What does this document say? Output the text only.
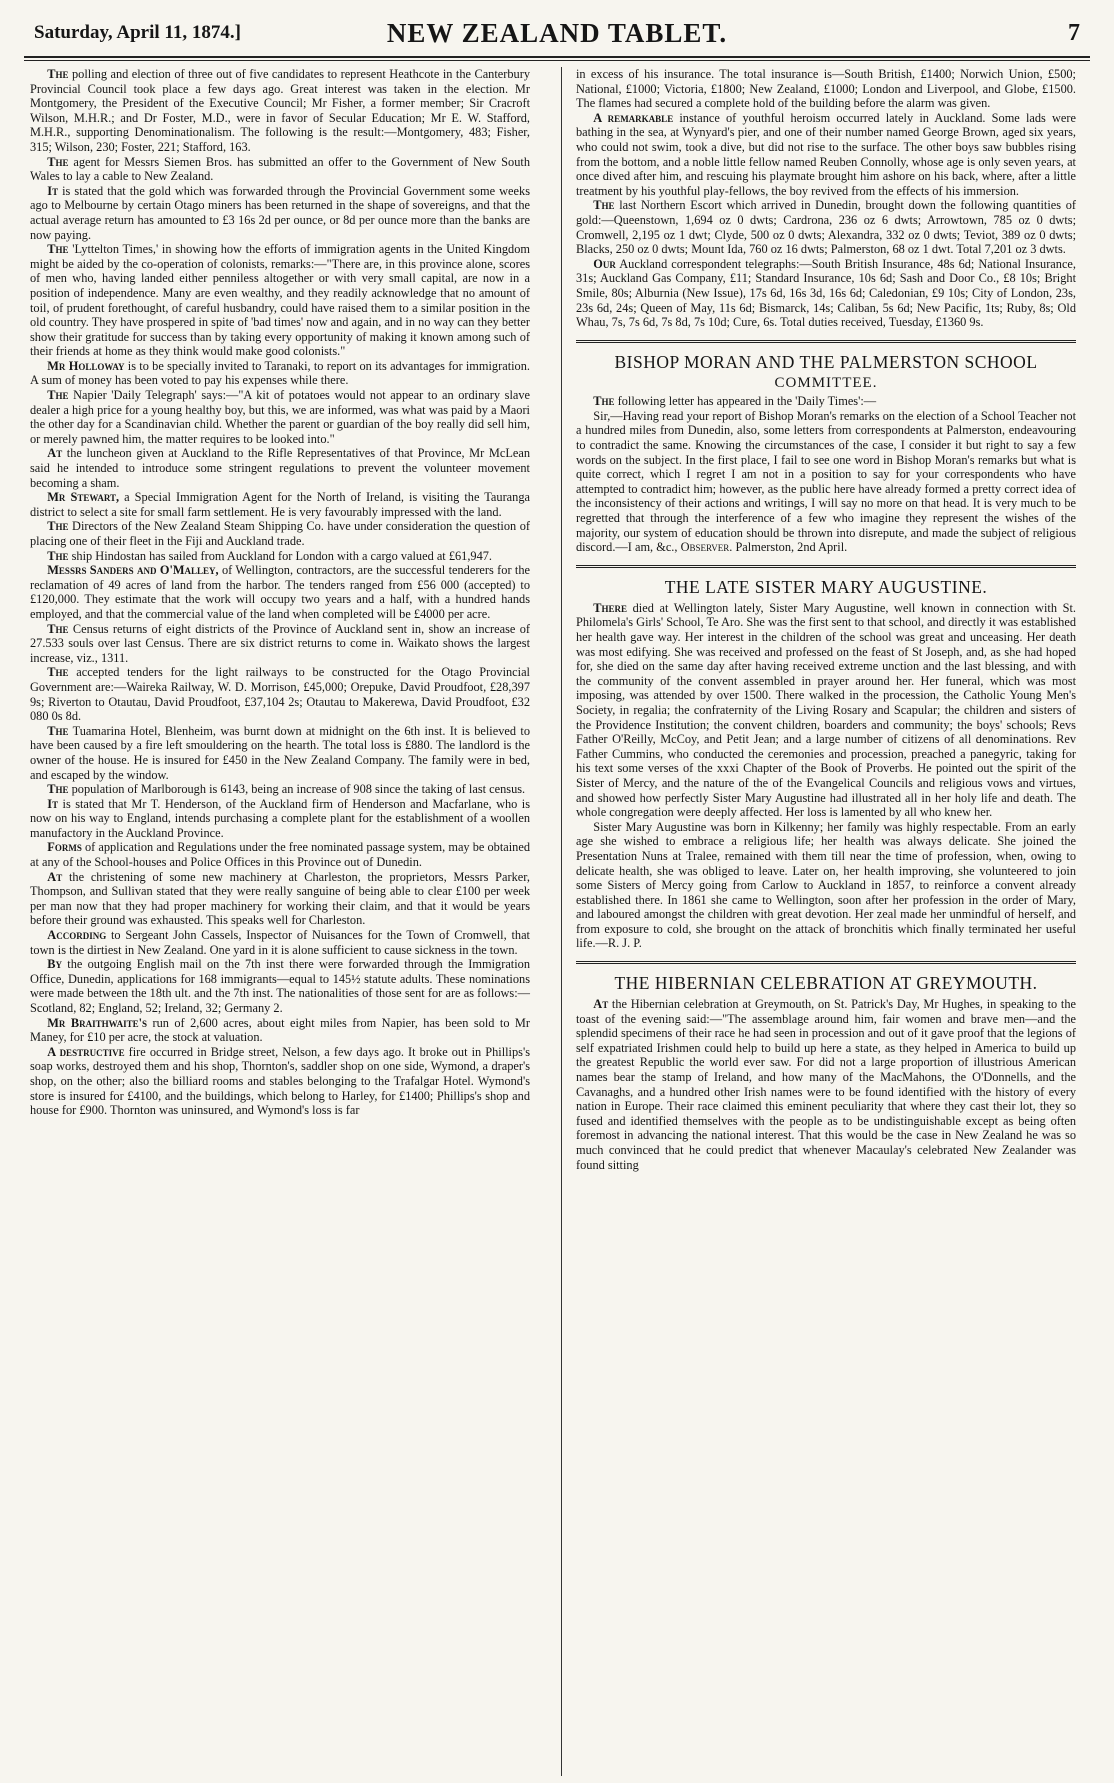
Saturday, April 11, 1874.]	NEW ZEALAND TABLET.	7

The polling and election of three out of five candidates to represent Heathcote in the Canterbury Provincial Council took place a few days ago. Great interest was taken in the election. Mr Montgomery, the President of the Executive Council; Mr Fisher, a former member; Sir Cracroft Wilson, M.H.R.; and Dr Foster, M.D., were in favor of Secular Education; Mr E. W. Stafford, M.H.R., supporting Denominationalism. The following is the result:—Montgomery, 483; Fisher, 315; Wilson, 230; Foster, 221; Stafford, 163.

The agent for Messrs Siemen Bros. has submitted an offer to the Government of New South Wales to lay a cable to New Zealand.

It is stated that the gold which was forwarded through the Provincial Government some weeks ago to Melbourne by certain Otago miners has been returned in the shape of sovereigns, and that the actual average return has amounted to £3 16s 2d per ounce, or 8d per ounce more than the banks are now paying.

The 'Lyttelton Times,' in showing how the efforts of immigration agents in the United Kingdom might be aided by the co-operation of colonists, remarks:—"There are, in this province alone, scores of men who, having landed either penniless altogether or with very small capital, are now in a position of independence. Many are even wealthy, and they readily acknowledge that no amount of toil, of prudent forethought, of careful husbandry, could have raised them to a similar position in the old country. They have prospered in spite of 'bad times' now and again, and in no way can they better show their gratitude for success than by taking every opportunity of making it known among such of their friends at home as they think would make good colonists."

Mr Holloway is to be specially invited to Taranaki, to report on its advantages for immigration. A sum of money has been voted to pay his expenses while there.

The Napier 'Daily Telegraph' says:—"A kit of potatoes would not appear to an ordinary slave dealer a high price for a young healthy boy, but this, we are informed, was what was paid by a Maori the other day for a Scandinavian child. Whether the parent or guardian of the boy really did sell him, or merely pawned him, the matter requires to be looked into."

At the luncheon given at Auckland to the Rifle Representatives of that Province, Mr McLean said he intended to introduce some stringent regulations to prevent the volunteer movement becoming a sham.

Mr Stewart, a Special Immigration Agent for the North of Ireland, is visiting the Tauranga district to select a site for small farm settlement. He is very favourably impressed with the land.

The Directors of the New Zealand Steam Shipping Co. have under consideration the question of placing one of their fleet in the Fiji and Auckland trade.

The ship Hindostan has sailed from Auckland for London with a cargo valued at £61,947.

Messrs Sanders and O'Malley, of Wellington, contractors, are the successful tenderers for the reclamation of 49 acres of land from the harbor. The tenders ranged from £56 000 (accepted) to £120,000. They estimate that the work will occupy two years and a half, with a hundred hands employed, and that the commercial value of the land when completed will be £4000 per acre.

The Census returns of eight districts of the Province of Auckland sent in, show an increase of 27.533 souls over last Census. There are six district returns to come in. Waikato shows the largest increase, viz., 1311.

The accepted tenders for the light railways to be constructed for the Otago Provincial Government are:—Waireka Railway, W. D. Morrison, £45,000; Orepuke, David Proudfoot, £28,397 9s; Riverton to Otautau, David Proudfoot, £37,104 2s; Otautau to Makerewa, David Proudfoot, £32 080 0s 8d.

The Tuamarina Hotel, Blenheim, was burnt down at midnight on the 6th inst. It is believed to have been caused by a fire left smouldering on the hearth. The total loss is £880. The landlord is the owner of the house. He is insured for £450 in the New Zealand Company. The family were in bed, and escaped by the window.

The population of Marlborough is 6143, being an increase of 908 since the taking of last census.

It is stated that Mr T. Henderson, of the Auckland firm of Henderson and Macfarlane, who is now on his way to England, intends purchasing a complete plant for the establishment of a woollen manufactory in the Auckland Province.

Forms of application and Regulations under the free nominated passage system, may be obtained at any of the School-houses and Police Offices in this Province out of Dunedin.

At the christening of some new machinery at Charleston, the proprietors, Messrs Parker, Thompson, and Sullivan stated that they were really sanguine of being able to clear £100 per week per man now that they had proper machinery for working their claim, and that it would be years before their ground was exhausted. This speaks well for Charleston.

According to Sergeant John Cassels, Inspector of Nuisances for the Town of Cromwell, that town is the dirtiest in New Zealand. One yard in it is alone sufficient to cause sickness in the town.

By the outgoing English mail on the 7th inst there were forwarded through the Immigration Office, Dunedin, applications for 168 immigrants—equal to 145½ statute adults. These nominations were made between the 18th ult. and the 7th inst. The nationalities of those sent for are as follows:—Scotland, 82; England, 52; Ireland, 32; Germany 2.

Mr Braithwaite's run of 2,600 acres, about eight miles from Napier, has been sold to Mr Maney, for £10 per acre, the stock at valuation.

A destructive fire occurred in Bridge street, Nelson, a few days ago. It broke out in Phillips's soap works, destroyed them and his shop, Thornton's, saddler shop on one side, Wymond, a draper's shop, on the other; also the billiard rooms and stables belonging to the Trafalgar Hotel. Wymond's store is insured for £4100, and the buildings, which belong to Harley, for £1400; Phillips's shop and house for £900. Thornton was uninsured, and Wymond's loss is far

in excess of his insurance. The total insurance is—South British, £1400; Norwich Union, £500; National, £1000; Victoria, £1800; New Zealand, £1000; London and Liverpool, and Globe, £1500. The flames had secured a complete hold of the building before the alarm was given.

A remarkable instance of youthful heroism occurred lately in Auckland. Some lads were bathing in the sea, at Wynyard's pier, and one of their number named George Brown, aged six years, who could not swim, took a dive, but did not rise to the surface. The other boys saw bubbles rising from the bottom, and a noble little fellow named Reuben Connolly, whose age is only seven years, at once dived after him, and rescuing his playmate brought him ashore on his back, where, after a little treatment by his youthful play-fellows, the boy revived from the effects of his immersion.

The last Northern Escort which arrived in Dunedin, brought down the following quantities of gold:—Queenstown, 1,694 oz 0 dwts; Cardrona, 236 oz 6 dwts; Arrowtown, 785 oz 0 dwts; Cromwell, 2,195 oz 1 dwt; Clyde, 500 oz 0 dwts; Alexandra, 332 oz 0 dwts; Teviot, 389 oz 0 dwts; Blacks, 250 oz 0 dwts; Mount Ida, 760 oz 16 dwts; Palmerston, 68 oz 1 dwt. Total 7,201 oz 3 dwts.

Our Auckland correspondent telegraphs:—South British Insurance, 48s 6d; National Insurance, 31s; Auckland Gas Company, £11; Standard Insurance, 10s 6d; Sash and Door Co., £8 10s; Bright Smile, 80s; Alburnia (New Issue), 17s 6d, 16s 3d, 16s 6d; Caledonian, £9 10s; City of London, 23s, 23s 6d, 24s; Queen of May, 11s 6d; Bismarck, 14s; Caliban, 5s 6d; New Pacific, 1ts; Ruby, 8s; Old Whau, 7s, 7s 6d, 7s 8d, 7s 10d; Cure, 6s. Total duties received, Tuesday, £1360 9s.

BISHOP MORAN AND THE PALMERSTON SCHOOL
COMMITTEE.

The following letter has appeared in the 'Daily Times':—

Sir,—Having read your report of Bishop Moran's remarks on the election of a School Teacher not a hundred miles from Dunedin, also, some letters from correspondents at Palmerston, endeavouring to contradict the same. Knowing the circumstances of the case, I consider it but right to say a few words on the subject. In the first place, I fail to see one word in Bishop Moran's remarks but what is quite correct, which I regret I am not in a position to say for your correspondents who have attempted to contradict him; however, as the public here have already formed a pretty correct idea of the inconsistency of their actions and writings, I will say no more on that head. It is very much to be regretted that through the interference of a few who imagine they represent the wishes of the majority, our system of education should be thrown into disrepute, and made the subject of religious discord.—I am, &c., Observer. Palmerston, 2nd April.

THE LATE SISTER MARY AUGUSTINE.

There died at Wellington lately, Sister Mary Augustine, well known in connection with St. Philomela's Girls' School, Te Aro. She was the first sent to that school, and directly it was established her health gave way. Her interest in the children of the school was great and unceasing. Her death was most edifying. She was received and professed on the feast of St Joseph, and, as she had hoped for, she died on the same day after having received extreme unction and the last blessing, and with the community of the convent assembled in prayer around her. Her funeral, which was most imposing, was attended by over 1500. There walked in the procession, the Catholic Young Men's Society, in regalia; the confraternity of the Living Rosary and Scapular; the children and sisters of the Providence Institution; the convent children, boarders and community; the boys' schools; Revs Father O'Reilly, McCoy, and Petit Jean; and a large number of citizens of all denominations. Rev Father Cummins, who conducted the ceremonies and procession, preached a panegyric, taking for his text some verses of the xxxi Chapter of the Book of Proverbs. He pointed out the spirit of the Sister of Mercy, and the nature of the of the Evangelical Councils and religious vows and virtues, and showed how perfectly Sister Mary Augustine had illustrated all in her holy life and death. The whole congregation were deeply affected. Her loss is lamented by all who knew her.

Sister Mary Augustine was born in Kilkenny; her family was highly respectable. From an early age she wished to embrace a religious life; her health was always delicate. She joined the Presentation Nuns at Tralee, remained with them till near the time of profession, when, owing to delicate health, she was obliged to leave. Later on, her health improving, she volunteered to join some Sisters of Mercy going from Carlow to Auckland in 1857, to reinforce a convent already established there. In 1861 she came to Wellington, soon after her profession in the order of Mary, and laboured amongst the children with great devotion. Her zeal made her unmindful of herself, and from exposure to cold, she brought on the attack of bronchitis which finally terminated her useful life.—R. J. P.

THE HIBERNIAN CELEBRATION AT GREYMOUTH.

At the Hibernian celebration at Greymouth, on St. Patrick's Day, Mr Hughes, in speaking to the toast of the evening said:—"The assemblage around him, fair women and brave men—and the splendid specimens of their race he had seen in procession and out of it gave proof that the legions of self expatriated Irishmen could help to build up here a state, as they helped in America to build up the greatest Republic the world ever saw. For did not a large proportion of illustrious American names bear the stamp of Ireland, and how many of the MacMahons, the O'Donnells, and the Cavanaghs, and a hundred other Irish names were to be found identified with the history of every nation in Europe. Their race claimed this eminent peculiarity that where they cast their lot, they so fused and identified themselves with the people as to be undistinguishable except as being often foremost in advancing the national interest. That this would be the case in New Zealand he was so much convinced that he could predict that whenever Macaulay's celebrated New Zealander was found sitting
